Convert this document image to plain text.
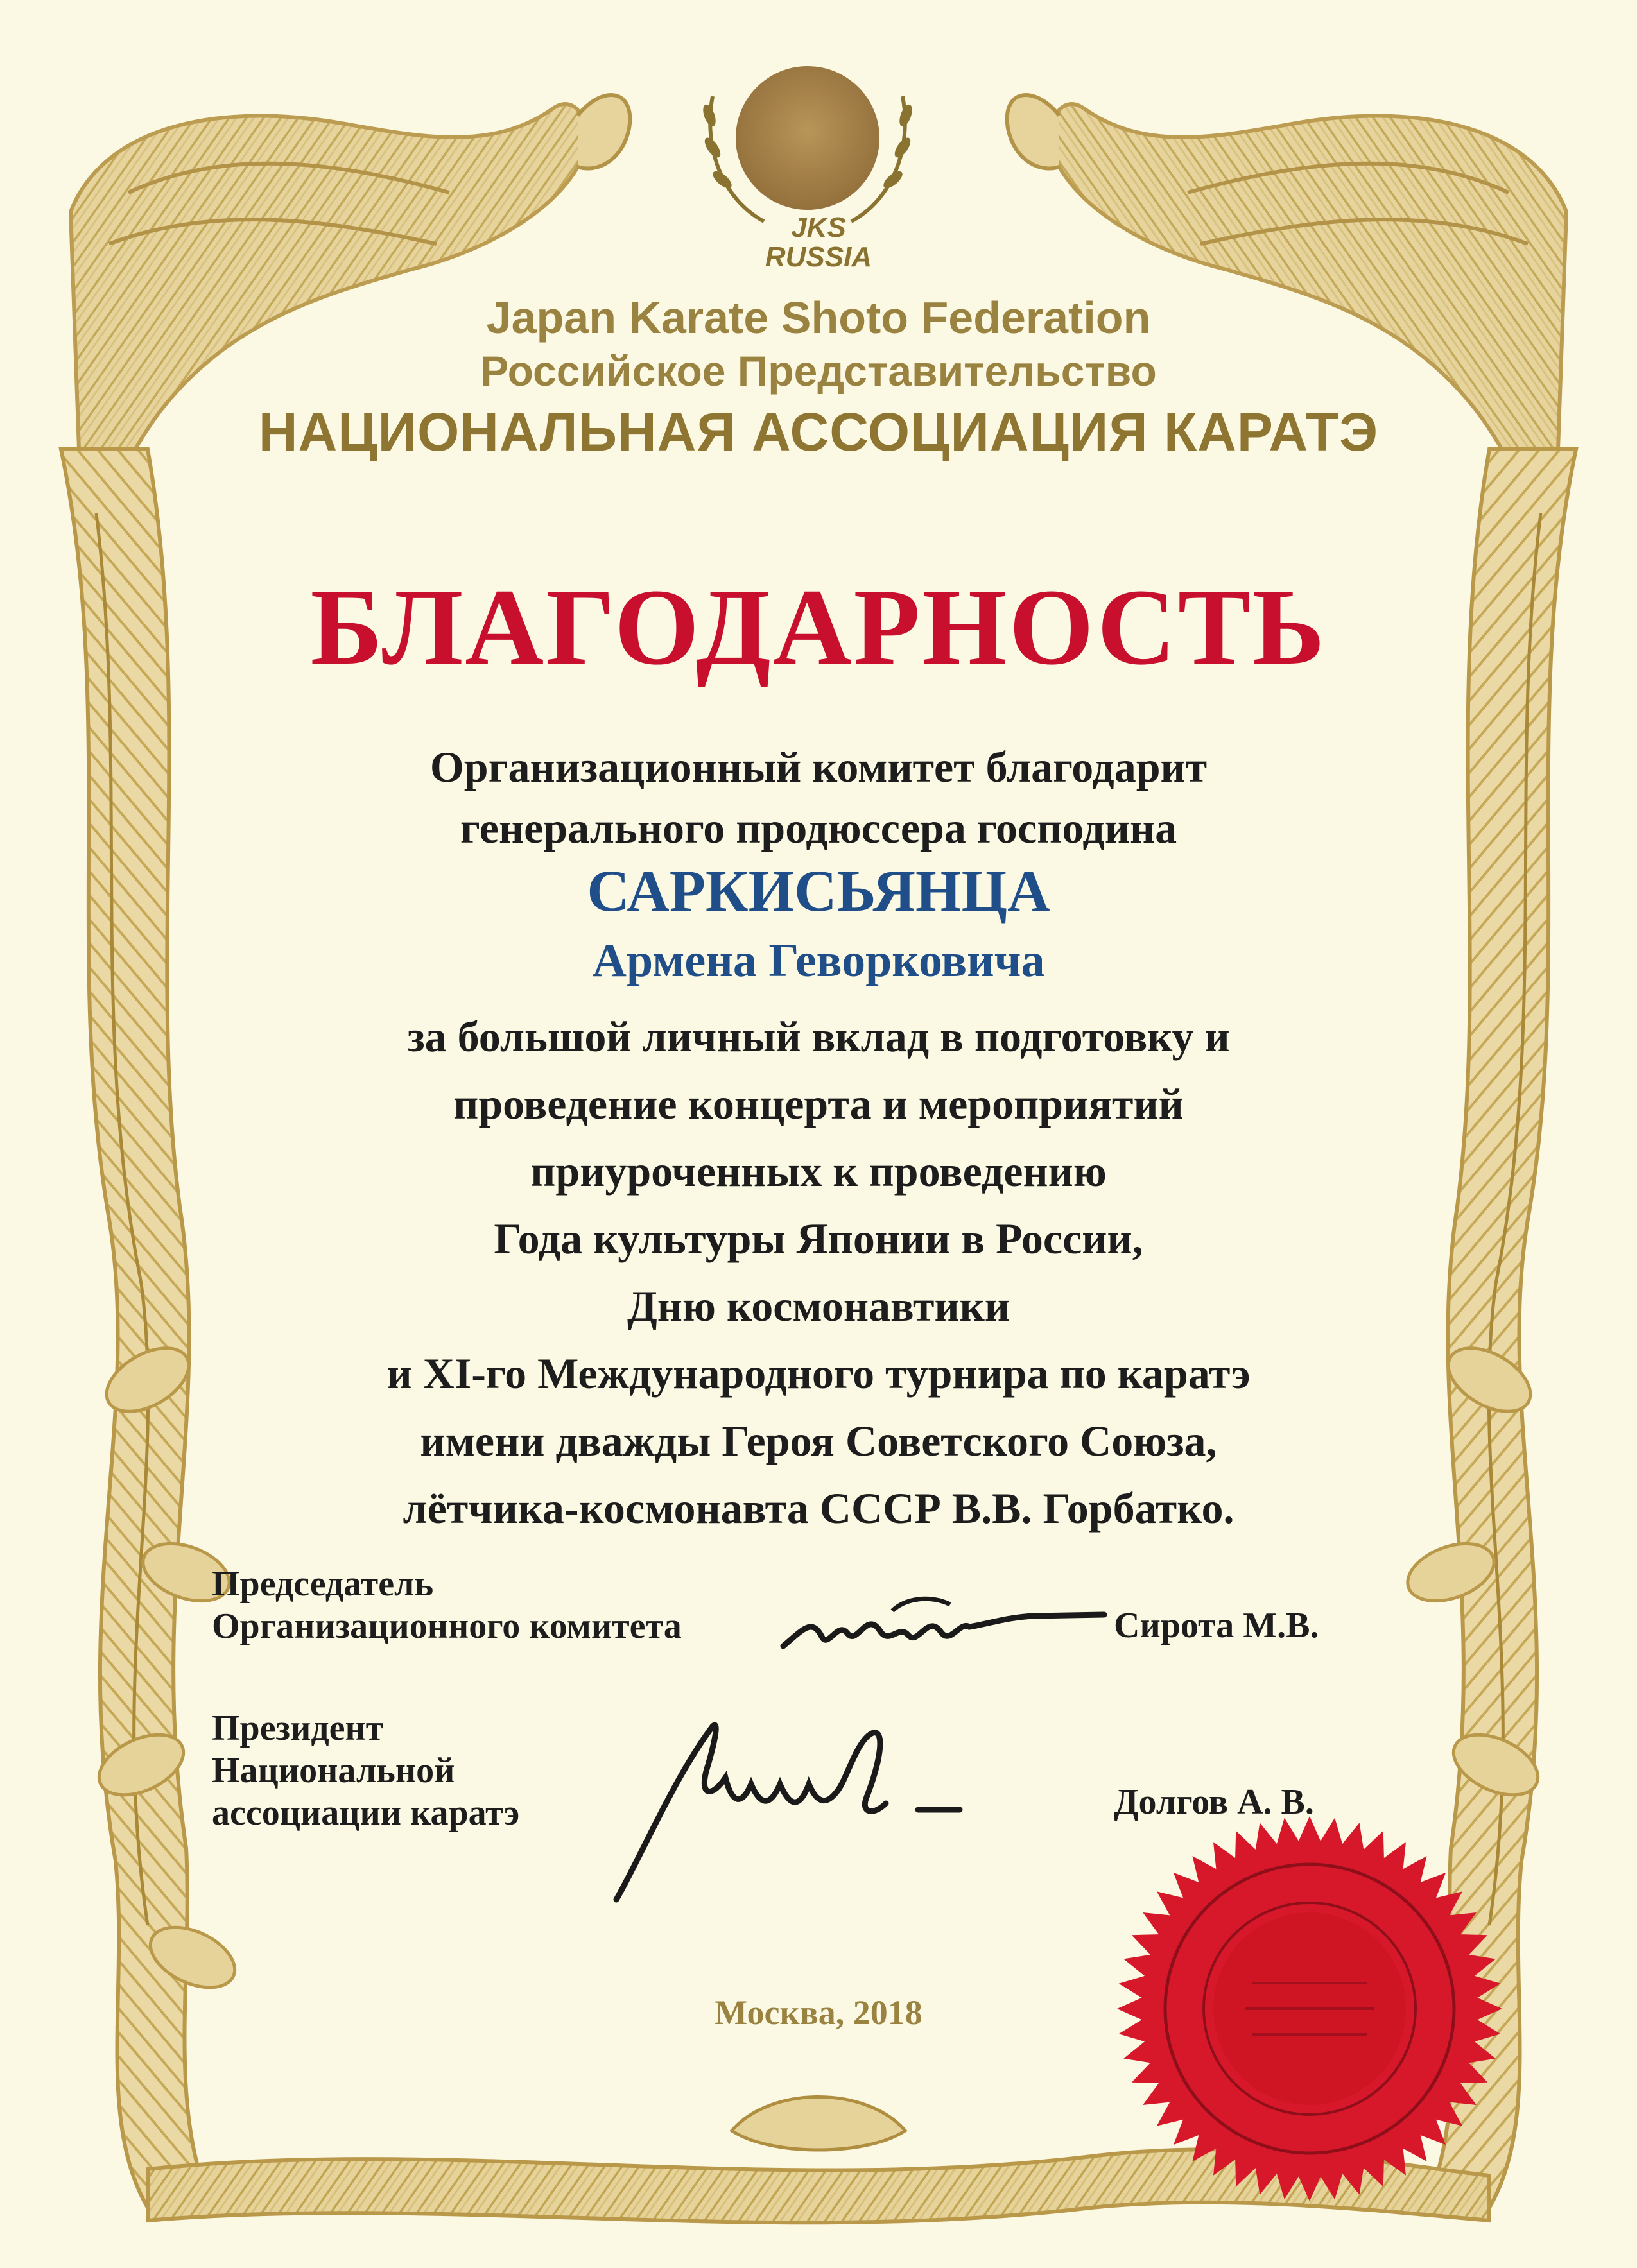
JKS
RUSSIA
Japan Karate Shoto Federation
Российское Представительство
НАЦИОНАЛЬНАЯ АССОЦИАЦИЯ КАРАТЭ
БЛАГОДАРНОСТЬ
Организационный комитет благодарит
генерального продюссера господина
САРКИСЬЯНЦА
Армена Геворковича
за большой личный вклад в подготовку и
проведение концерта и мероприятий
приуроченных к проведению
Года культуры Японии в России,
Дню космонавтики
и XI-го Международного турнира по каратэ
имени дважды Героя Советского Союза,
лётчика-космонавта СССР В.В. Горбатко.
Председатель
Организационного комитета	Сирота М.В.
Президент
Национальной
ассоциации каратэ	Долгов А. В.
Москва, 2018
